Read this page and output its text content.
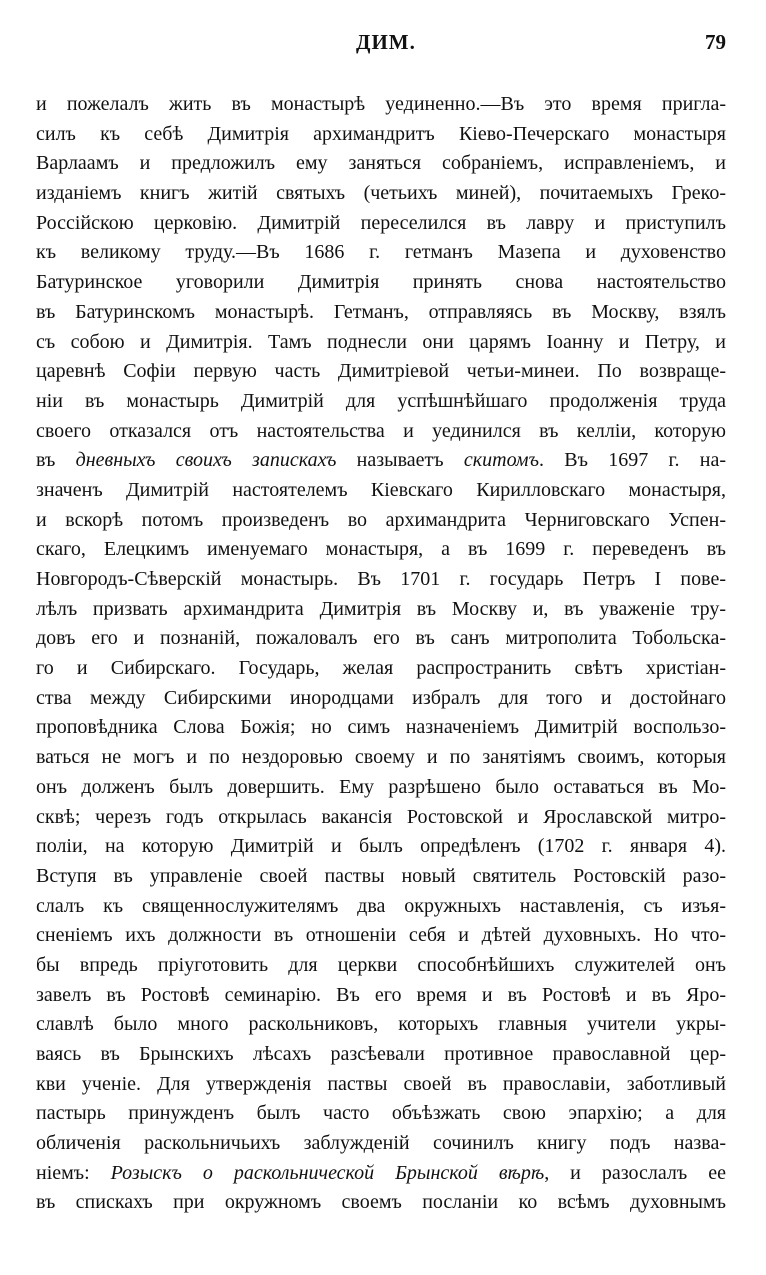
ДИМ.	79
и пожелалъ жить въ монастырѣ уединенно.—Въ это время пригла-
силъ къ себѣ Димитрія архимандритъ Кіево-Печерскаго монастыря
Варлаамъ и предложилъ ему заняться собраніемъ, исправленіемъ, и
изданіемъ книгъ житій святыхъ (четьихъ миней), почитаемыхъ Греко-
Россійскою церковію. Димитрій переселился въ лавру и приступилъ
къ великому труду.—Въ 1686 г. гетманъ Мазепа и духовенство
Батуринское уговорили Димитрія принять снова настоятельство
въ Батуринскомъ монастырѣ. Гетманъ, отправляясь въ Москву, взялъ
съ собою и Димитрія. Тамъ поднесли они царямъ Іоанну и Петру, и
царевнѣ Софіи первую часть Димитріевой четьи-минеи. По возвраще-
ніи въ монастырь Димитрій для успѣшнѣйшаго продолженія труда
своего отказался отъ настоятельства и уединился въ келліи, которую
въ дневныхъ своихъ запискахъ называетъ скитомъ. Въ 1697 г. на-
значенъ Димитрій настоятелемъ Кіевскаго Кирилловскаго монастыря,
и вскорѣ потомъ произведенъ во архимандрита Черниговскаго Успен-
скаго, Елецкимъ именуемаго монастыря, а въ 1699 г. переведенъ въ
Новгородъ-Сѣверскій монастырь. Въ 1701 г. государь Петръ I пове-
лѣлъ призвать архимандрита Димитрія въ Москву и, въ уваженіе тру-
довъ его и познаній, пожаловалъ его въ санъ митрополита Тобольска-
го и Сибирскаго. Государь, желая распространить свѣтъ христіан-
ства между Сибирскими инородцами избралъ для того и достойнаго
проповѣдника Слова Божія; но симъ назначеніемъ Димитрій воспользо-
ваться не могъ и по нездоровью своему и по занятіямъ своимъ, которыя
онъ долженъ былъ довершить. Ему разрѣшено было оставаться въ Мо-
сквѣ; черезъ годъ открылась вакансія Ростовской и Ярославской митро-
поліи, на которую Димитрій и былъ опредѣленъ (1702 г. января 4).
Вступя въ управленіе своей паствы новый святитель Ростовскій разо-
слалъ къ священнослужителямъ два окружныхъ наставленія, съ изъя-
сненіемъ ихъ должности въ отношеніи себя и дѣтей духовныхъ. Но что-
бы впредь пріуготовить для церкви способнѣйшихъ служителей онъ
завелъ въ Ростовѣ семинарію. Въ его время и въ Ростовѣ и въ Яро-
славлѣ было много раскольниковъ, которыхъ главныя учители укры-
ваясь въ Брынскихъ лѣсахъ разсѣевали противное православной цер-
кви ученіе. Для утвержденія паствы своей въ православіи, заботливый
пастырь принужденъ былъ часто объѣзжать свою эпархію; а для
обличенія раскольничьихъ заблужденій сочинилъ книгу подъ назва-
ніемъ: Розыскъ о раскольнической Брынской вѣрѣ, и разослалъ ее
въ спискахъ при окружномъ своемъ посланіи ко всѣмъ духовнымъ
